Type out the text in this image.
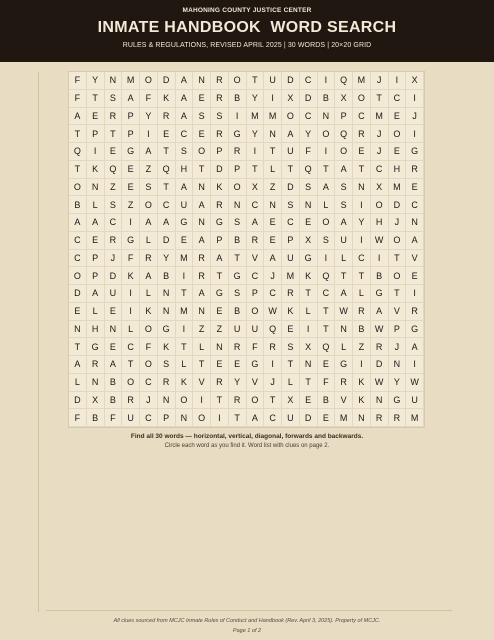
MAHONING COUNTY JUSTICE CENTER
INMATE HANDBOOK  WORD SEARCH
RULES & REGULATIONS, REVISED APRIL 2025 | 30 WORDS | 20×20 GRID
F	Y	N	M	O	D	A	N	R	O	T	U	D	C	I	Q	M	J	I	X
F	T	S	A	F	K	A	E	R	B	Y	I	X	D	B	X	O	T	C	I
A	E	R	P	Y	R	A	S	S	I	M	M	O	C	N	P	C	M	E	J
T	P	T	P	I	E	C	E	R	G	Y	N	A	Y	O	Q	R	J	O	I
Q	I	E	G	A	T	S	O	P	R	I	T	U	F	I	O	E	J	E	G
T	K	Q	E	Z	Q	H	T	D	P	T	L	T	Q	T	A	T	C	H	R
O	N	Z	E	S	T	A	N	K	O	X	Z	D	S	A	S	N	X	M	E
B	L	S	Z	O	C	U	A	R	N	C	N	S	N	L	S	I	O	D	C
A	A	C	I	A	A	G	N	G	S	A	E	C	E	O	A	Y	H	J	N
C	E	R	G	L	D	E	A	P	B	R	E	P	X	S	U	I	W	O	A
C	P	J	F	R	Y	M	R	A	T	V	A	U	G	I	L	C	I	T	V
O	P	D	K	A	B	I	R	T	G	C	J	M	K	Q	T	T	B	O	E
D	A	U	I	L	N	T	A	G	S	P	C	R	T	C	A	L	G	T	I
E	L	E	I	K	N	M	N	E	B	O	W	K	L	T	W	R	A	V	R
N	H	N	L	O	G	I	Z	Z	U	U	Q	E	I	T	N	B	W	P	G
T	G	E	C	F	K	T	L	N	R	F	R	S	X	Q	L	Z	R	J	A
A	R	A	T	O	S	L	T	E	E	G	I	T	N	E	G	I	D	N	I
L	N	B	O	C	R	K	V	R	Y	V	J	L	T	F	R	K	W	Y	W
D	X	B	R	J	N	O	I	T	R	O	T	X	E	B	V	K	N	G	U
F	B	F	U	C	P	N	O	I	T	A	C	U	D	E	M	N	R	R	M
Find all 30 words — horizontal, vertical, diagonal, forwards and backwards.
Circle each word as you find it. Word list with clues on page 2.
All clues sourced from MCJC Inmate Rules of Conduct and Handbook (Rev. April 3, 2025). Property of MCJC.
Page 1 of 2
